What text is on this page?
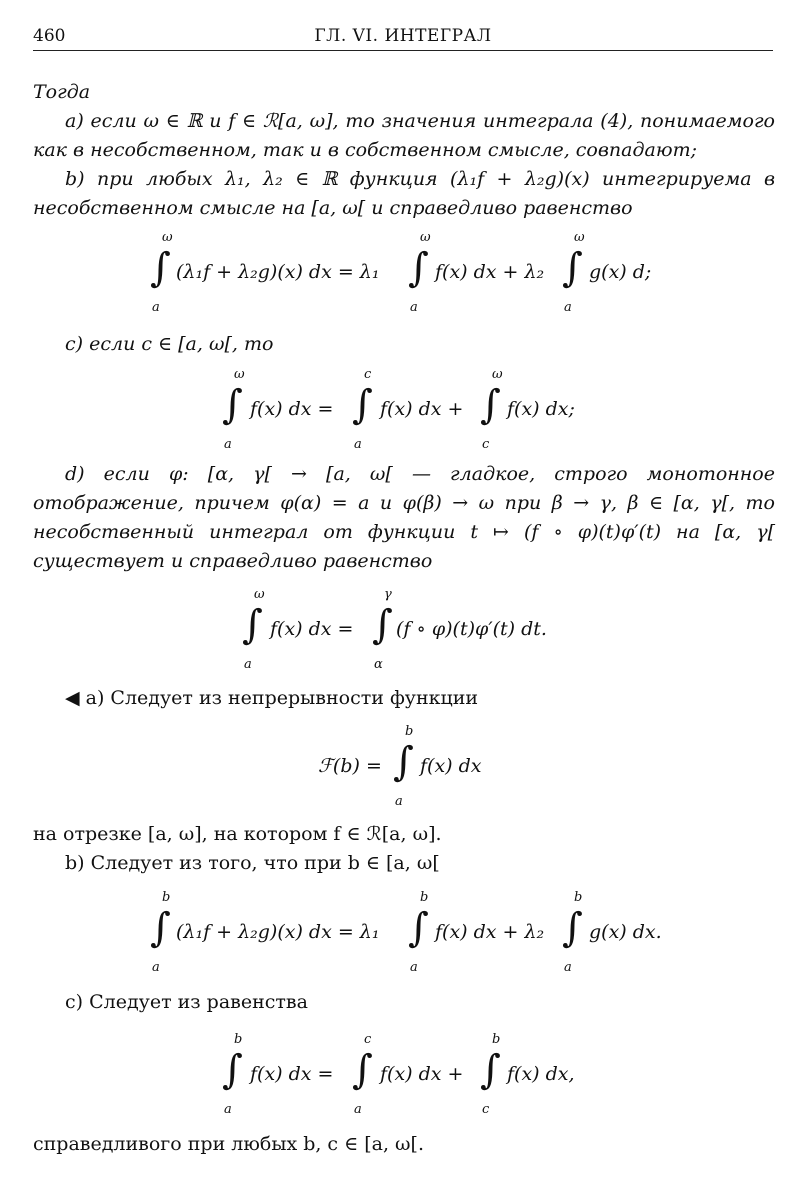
460	ГЛ. VI. ИНТЕГРАЛ
Тогда
a) если ω ∈ ℝ и f ∈ ℛ[a, ω], то значения интеграла (4), понимаемого как в несобственном, так и в собственном смысле, совпадают;
b) при любых λ₁, λ₂ ∈ ℝ функция (λ₁f + λ₂g)(x) интегрируема в несобственном смысле на [a, ω[ и справедливо равенство
ω
∫
a
(λ₁f + λ₂g)(x) dx = λ₁
ω
∫
a
f(x) dx + λ₂
ω
∫
a
g(x) d;
c) если c ∈ [a, ω[, то
ω
∫
a
f(x) dx =
c
∫
a
f(x) dx +
ω
∫
c
f(x) dx;
d) если φ: [α, γ[ → [a, ω[ — гладкое, строго монотонное отображение, причем φ(α) = a и φ(β) → ω при β → γ, β ∈ [α, γ[, то несобственный интеграл от функции t ↦ (f ∘ φ)(t)φ′(t) на [α, γ[ существует и справедливо равенство
ω
∫
a
f(x) dx =
γ
∫
α
(f ∘ φ)(t)φ′(t) dt.
◀ a) Следует из непрерывности функции
ℱ(b) =
b
∫
a
f(x) dx
на отрезке [a, ω], на котором f ∈ ℛ[a, ω].
b) Следует из того, что при b ∈ [a, ω[
b
∫
a
(λ₁f + λ₂g)(x) dx = λ₁
b
∫
a
f(x) dx + λ₂
b
∫
a
g(x) dx.
c) Следует из равенства
b
∫
a
f(x) dx =
c
∫
a
f(x) dx +
b
∫
c
f(x) dx,
справедливого при любых b, c ∈ [a, ω[.
